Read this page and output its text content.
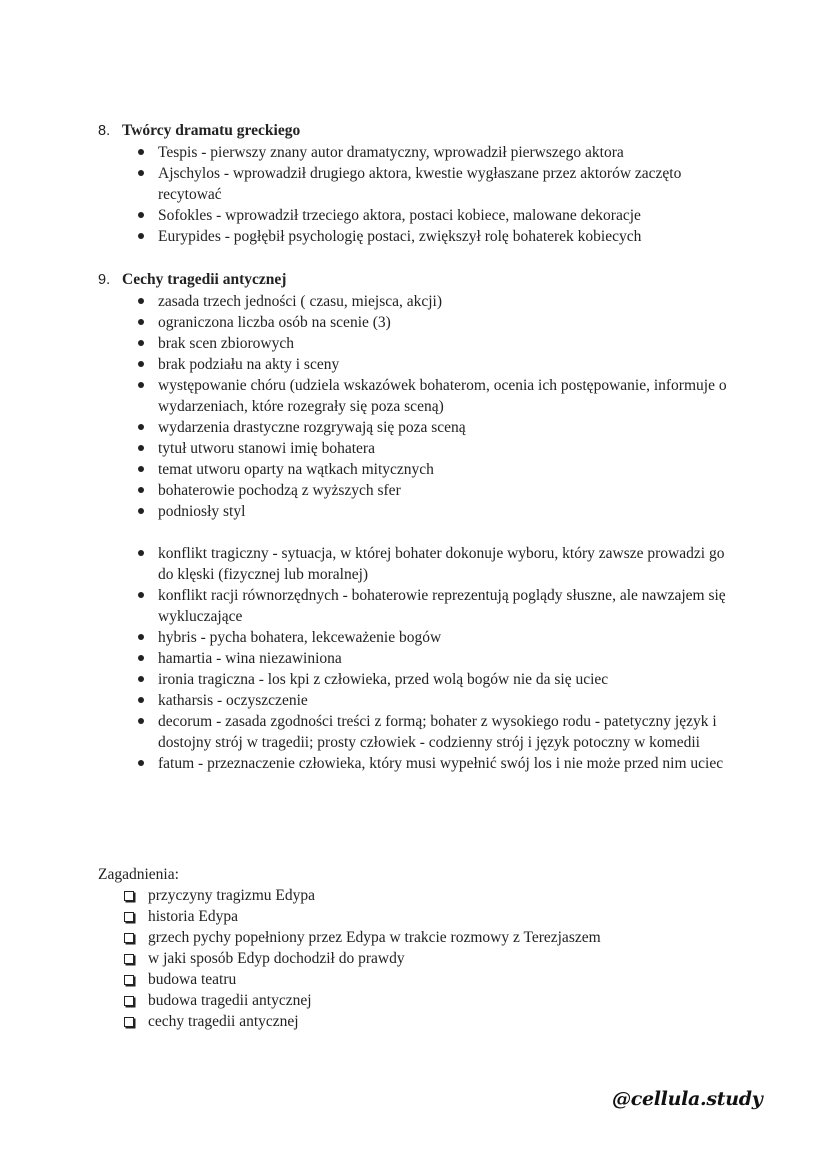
8. Twórcy dramatu greckiego

Tespis - pierwszy znany autor dramatyczny, wprowadził pierwszego aktora
Ajschylos - wprowadził drugiego aktora, kwestie wygłaszane przez aktorów zaczęto recytować
Sofokles - wprowadził trzeciego aktora, postaci kobiece, malowane dekoracje
Eurypides - pogłębił psychologię postaci, zwiększył rolę bohaterek kobiecych

9. Cechy tragedii antycznej

zasada trzech jedności ( czasu, miejsca, akcji)
ograniczona liczba osób na scenie (3)
brak scen zbiorowych
brak podziału na akty i sceny
występowanie chóru (udziela wskazówek bohaterom, ocenia ich postępowanie, informuje o wydarzeniach, które rozegrały się poza sceną)
wydarzenia drastyczne rozgrywają się poza sceną
tytuł utworu stanowi imię bohatera
temat utworu oparty na wątkach mitycznych
bohaterowie pochodzą z wyższych sfer
podniosły styl
konflikt tragiczny - sytuacja, w której bohater dokonuje wyboru, który zawsze prowadzi go do klęski (fizycznej lub moralnej)
konflikt racji równorzędnych - bohaterowie reprezentują poglądy słuszne, ale nawzajem się wykluczające
hybris - pycha bohatera, lekceważenie bogów
hamartia - wina niezawiniona
ironia tragiczna - los kpi z człowieka, przed wolą bogów nie da się uciec
katharsis - oczyszczenie
decorum - zasada zgodności treści z formą; bohater z wysokiego rodu - patetyczny język i dostojny strój w tragedii; prosty człowiek - codzienny strój i język potoczny w komedii
fatum - przeznaczenie człowieka, który musi wypełnić swój los i nie może przed nim uciec

Zagadnienia:

przyczyny tragizmu Edypa
historia Edypa
grzech pychy popełniony przez Edypa w trakcie rozmowy z Terezjaszem
w jaki sposób Edyp dochodził do prawdy
budowa teatru
budowa tragedii antycznej
cechy tragedii antycznej
@cellula.study
